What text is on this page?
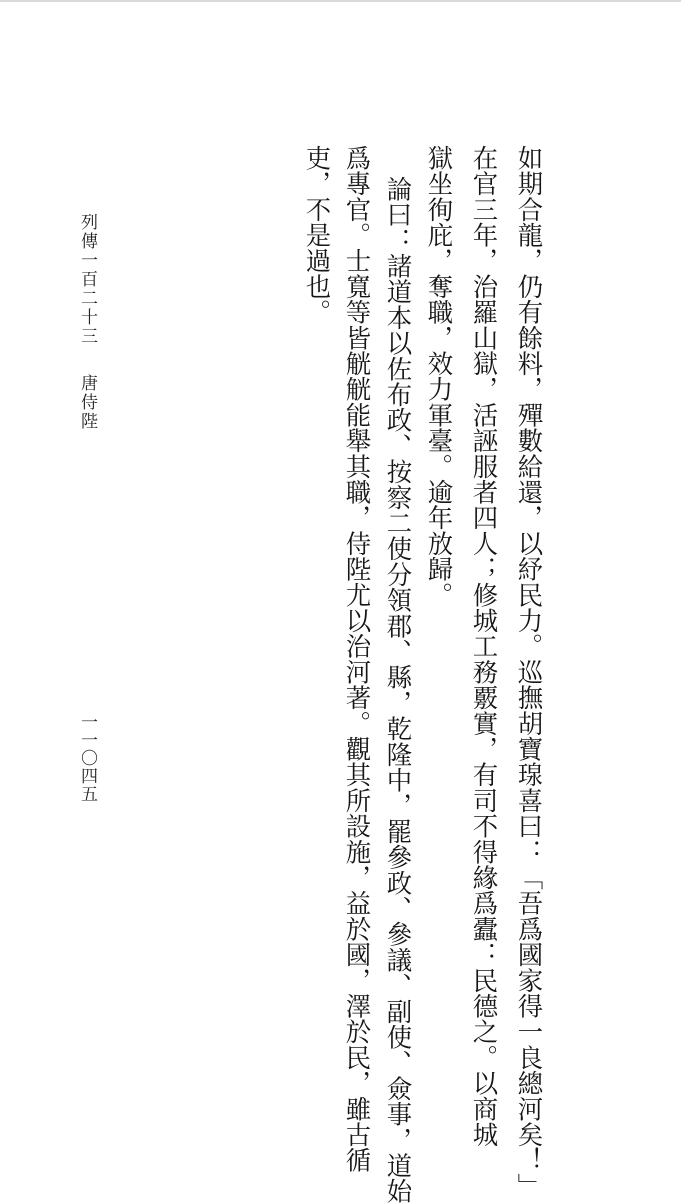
如期合龍，仍有餘料，殫數給還，以紓民力。巡撫胡寶瑔喜曰：「吾爲國家得一良總河矣！」
在官三年，治羅山獄，活誣服者四人；修城工務覈實，有司不得緣爲蠹：民德之。以商城
獄坐徇庇，奪職，效力軍臺。逾年放歸。
論曰：諸道本以佐布政、按察二使分領郡、縣，乾隆中，罷參政、參議、副使、僉事，道始
爲專官。士寬等皆觥觥能舉其職，侍陛尤以治河著。觀其所設施，益於國，澤於民，雖古循
吏，不是過也。
列傳一百二十三唐侍陛
一一〇四五
